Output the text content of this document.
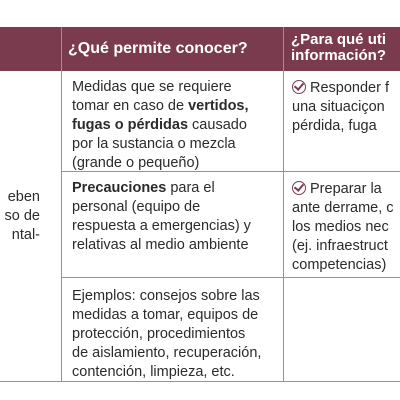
¿Qué permite conocer?
¿Para qué uti
información?
Medidas que se requiere
tomar en caso de vertidos,
fugas o pérdidas causado
por la sustancia o mezcla
(grande o pequeño)
Responder f
una situaciçon
pérdida, fuga
eben
so de
ntal-
Precauciones para el
personal (equipo de
respuesta a emergencias) y
relativas al medio ambiente
Preparar la
ante derrame, c
los medios nec
(ej. infraestruct
competencias)
Ejemplos: consejos sobre las
medidas a tomar, equipos de
protección, procedimientos
de aislamiento, recuperación,
contención, limpieza, etc.
